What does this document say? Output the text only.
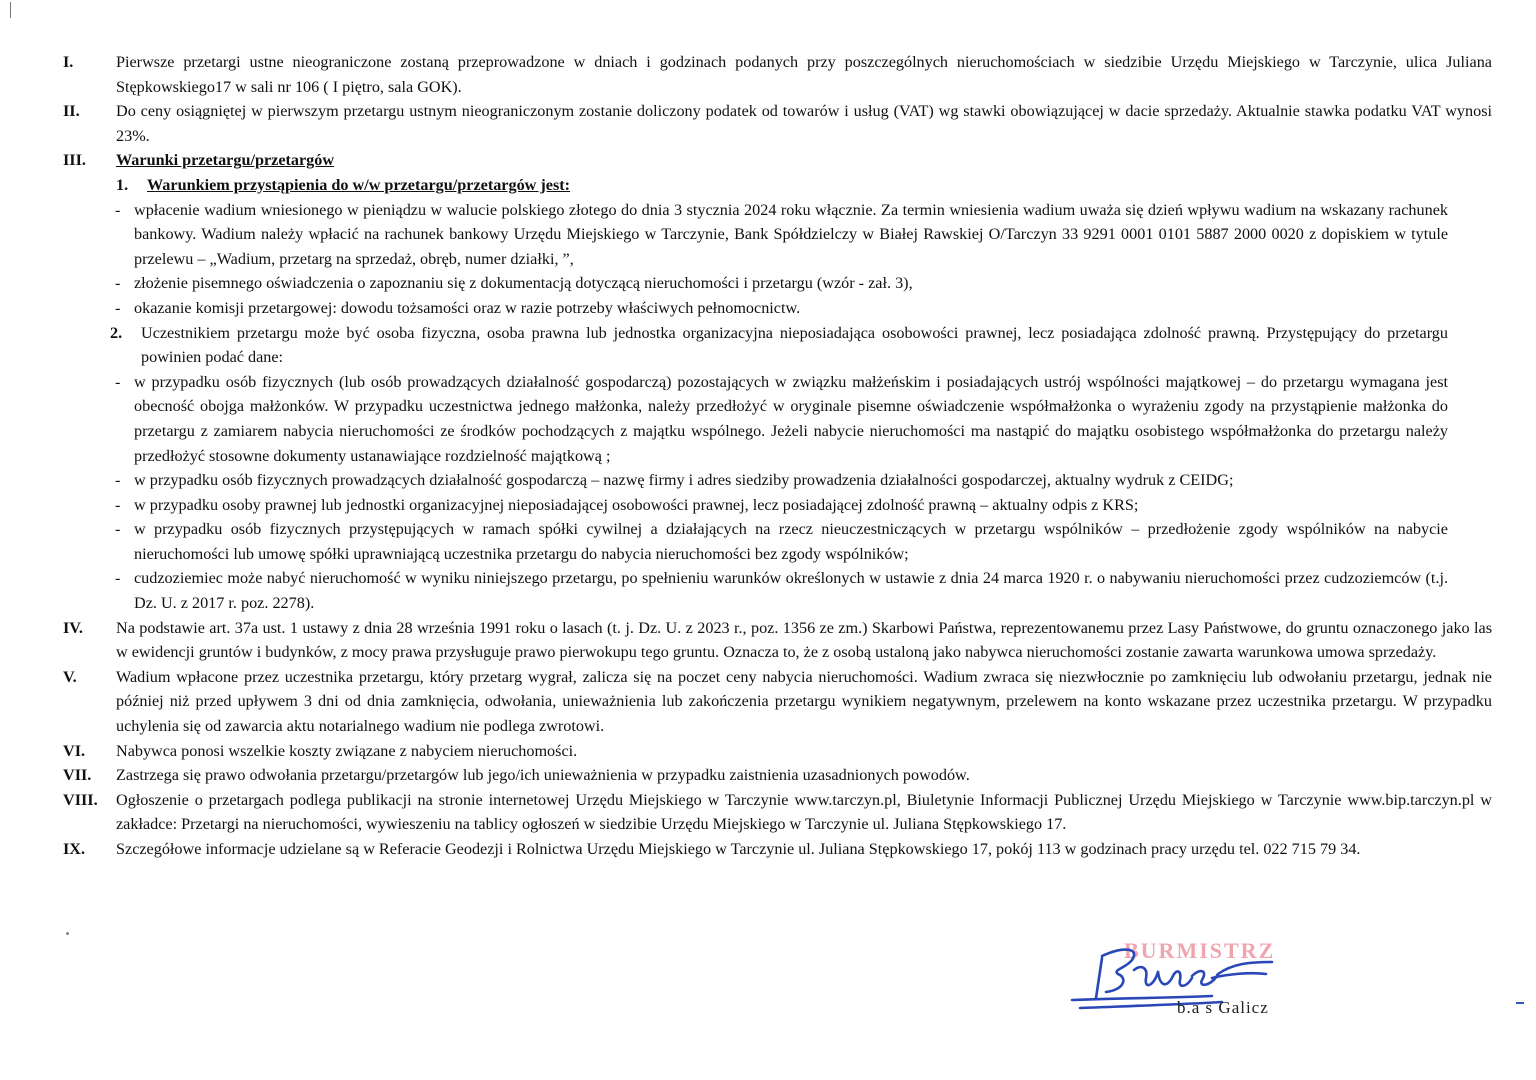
I.	Pierwsze przetargi ustne nieograniczone zostaną przeprowadzone w dniach i godzinach podanych przy poszczególnych nieruchomościach w siedzibie Urzędu Miejskiego w Tarczynie, ulica Juliana Stępkowskiego17 w sali nr 106 ( I piętro, sala GOK).
II. Do ceny osiągniętej w pierwszym przetargu ustnym nieograniczonym zostanie doliczony podatek od towarów i usług (VAT) wg stawki obowiązującej w dacie sprzedaży. Aktualnie stawka podatku VAT wynosi 23%.
III. Warunki przetargu/przetargów
1. Warunkiem przystąpienia do w/w przetargu/przetargów jest:
- wpłacenie wadium wniesionego w pieniądzu w walucie polskiego złotego do dnia 3 stycznia 2024 roku włącznie. Za termin wniesienia wadium uważa się dzień wpływu wadium na wskazany rachunek bankowy. Wadium należy wpłacić na rachunek bankowy Urzędu Miejskiego w Tarczynie, Bank Spółdzielczy w Białej Rawskiej O/Tarczyn 33 9291 0001 0101 5887 2000 0020 z dopiskiem w tytule przelewu – „Wadium, przetarg na sprzedaż, obręb, numer działki, ”,
- złożenie pisemnego oświadczenia o zapoznaniu się z dokumentacją dotyczącą nieruchomości i przetargu (wzór - zał. 3),
- okazanie komisji przetargowej: dowodu tożsamości oraz w razie potrzeby właściwych pełnomocnictw.
2. Uczestnikiem przetargu może być osoba fizyczna, osoba prawna lub jednostka organizacyjna nieposiadająca osobowości prawnej, lecz posiadająca zdolność prawną. Przystępujący do przetargu powinien podać dane:
- w przypadku osób fizycznych (lub osób prowadzących działalność gospodarczą) pozostających w związku małżeńskim i posiadających ustrój wspólności majątkowej – do przetargu wymagana jest obecność obojga małżonków. W przypadku uczestnictwa jednego małżonka, należy przedłożyć w oryginale pisemne oświadczenie współmałżonka o wyrażeniu zgody na przystąpienie małżonka do przetargu z zamiarem nabycia nieruchomości ze środków pochodzących z majątku wspólnego. Jeżeli nabycie nieruchomości ma nastąpić do majątku osobistego współmałżonka do przetargu należy przedłożyć stosowne dokumenty ustanawiające rozdzielność majątkową ;
- w przypadku osób fizycznych prowadzących działalność gospodarczą – nazwę firmy i adres siedziby prowadzenia działalności gospodarczej, aktualny wydruk z CEIDG;
- w przypadku osoby prawnej lub jednostki organizacyjnej nieposiadającej osobowości prawnej, lecz posiadającej zdolność prawną – aktualny odpis z KRS;
- w przypadku osób fizycznych przystępujących w ramach spółki cywilnej a działających na rzecz nieuczestniczących w przetargu wspólników – przedłożenie zgody wspólników na nabycie nieruchomości lub umowę spółki uprawniającą uczestnika przetargu do nabycia nieruchomości bez zgody wspólników;
- cudzoziemiec może nabyć nieruchomość w wyniku niniejszego przetargu, po spełnieniu warunków określonych w ustawie z dnia 24 marca 1920 r. o nabywaniu nieruchomości przez cudzoziemców (t.j. Dz. U. z 2017 r. poz. 2278).
IV. Na podstawie art. 37a ust. 1 ustawy z dnia 28 września 1991 roku o lasach (t. j. Dz. U. z 2023 r., poz. 1356 ze zm.) Skarbowi Państwa, reprezentowanemu przez Lasy Państwowe, do gruntu oznaczonego jako las w ewidencji gruntów i budynków, z mocy prawa przysługuje prawo pierwokupu tego gruntu. Oznacza to, że z osobą ustaloną jako nabywca nieruchomości zostanie zawarta warunkowa umowa sprzedaży.
V. Wadium wpłacone przez uczestnika przetargu, który przetarg wygrał, zalicza się na poczet ceny nabycia nieruchomości. Wadium zwraca się niezwłocznie po zamknięciu lub odwołaniu przetargu, jednak nie później niż przed upływem 3 dni od dnia zamknięcia, odwołania, unieważnienia lub zakończenia przetargu wynikiem negatywnym, przelewem na konto wskazane przez uczestnika przetargu. W przypadku uchylenia się od zawarcia aktu notarialnego wadium nie podlega zwrotowi.
VI. Nabywca ponosi wszelkie koszty związane z nabyciem nieruchomości.
VII. Zastrzega się prawo odwołania przetargu/przetargów lub jego/ich unieważnienia w przypadku zaistnienia uzasadnionych powodów.
VIII. Ogłoszenie o przetargach podlega publikacji na stronie internetowej Urzędu Miejskiego w Tarczynie www.tarczyn.pl, Biuletynie Informacji Publicznej Urzędu Miejskiego w Tarczynie www.bip.tarczyn.pl w zakładce: Przetargi na nieruchomości, wywieszeniu na tablicy ogłoszeń w siedzibie Urzędu Miejskiego w Tarczynie ul. Juliana Stępkowskiego 17.
IX. Szczegółowe informacje udzielane są w Referacie Geodezji i Rolnictwa Urzędu Miejskiego w Tarczynie ul. Juliana Stępkowskiego 17, pokój 113 w godzinach pracy urzędu tel. 022 715 79 34.
BURMISTRZ
b.a s Galicz
